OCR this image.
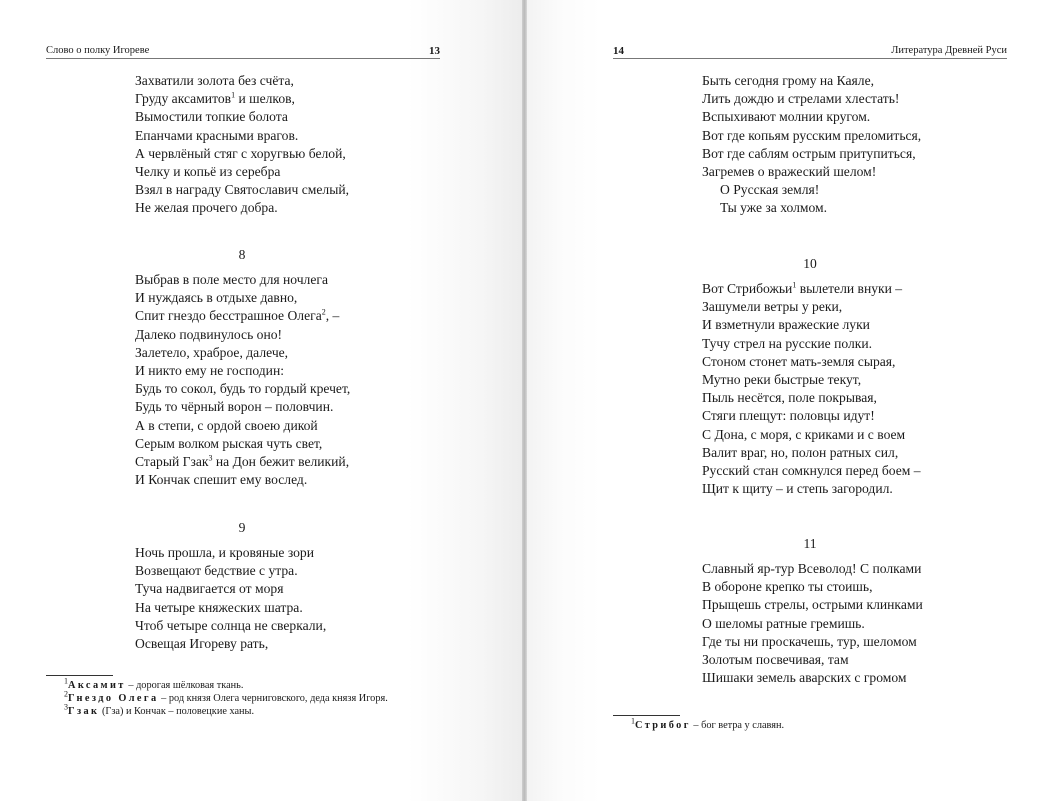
Слово о полку Игореве	13
Захватили золота без счёта,
Груду аксамитов$^1$ и шелков,
Вымостили топкие болота
Епанчами красными врагов.
А червлёный стяг с хоругвью белой,
Челку и копьё из серебра
Взял в награду Святославич смелый,
Не желая прочего добра.
8
Выбрав в поле место для ночлега
И нуждаясь в отдыхе давно,
Спит гнездо бесстрашное Олега$^2$, –
Далеко подвинулось оно!
Залетело, храброе, далече,
И никто ему не господин:
Будь то сокол, будь то гордый кречет,
Будь то чёрный ворон – половчин.
А в степи, с ордой своею дикой
Серым волком рыская чуть свет,
Старый Гзак$^3$ на Дон бежит великий,
И Кончак спешит ему вослед.
9
Ночь прошла, и кровяные зори
Возвещают бедствие с утра.
Туча надвигается от моря
На четыре княжеских шатра.
Чтоб четыре солнца не сверкали,
Освещая Игореву рать,
$^1$Аксамит – дорогая шёлковая ткань.
$^2$Гнездо Олега – род князя Олега черниговского, деда князя Игоря.
$^3$Гзак (Гза) и Кончак – половецкие ханы.
14	Литература Древней Руси
Быть сегодня грому на Каяле,
Лить дождю и стрелами хлестать!
Вспыхивают молнии кругом.
Вот где копьям русским преломиться,
Вот где саблям острым притупиться,
Загремев о вражеский шелом!
О Русская земля!
Ты уже за холмом.
10
Вот Стрибожьи$^1$ вылетели внуки –
Зашумели ветры у реки,
И взметнули вражеские луки
Тучу стрел на русские полки.
Стоном стонет мать-земля сырая,
Мутно реки быстрые текут,
Пыль несётся, поле покрывая,
Стяги плещут: половцы идут!
С Дона, с моря, с криками и с воем
Валит враг, но, полон ратных сил,
Русский стан сомкнулся перед боем –
Щит к щиту – и степь загородил.
11
Славный яр-тур Всеволод! С полками
В обороне крепко ты стоишь,
Прыщешь стрелы, острыми клинками
О шеломы ратные гремишь.
Где ты ни проскачешь, тур, шеломом
Золотым посвечивая, там
Шишаки земель аварских с громом
$^1$Стрибог – бог ветра у славян.
